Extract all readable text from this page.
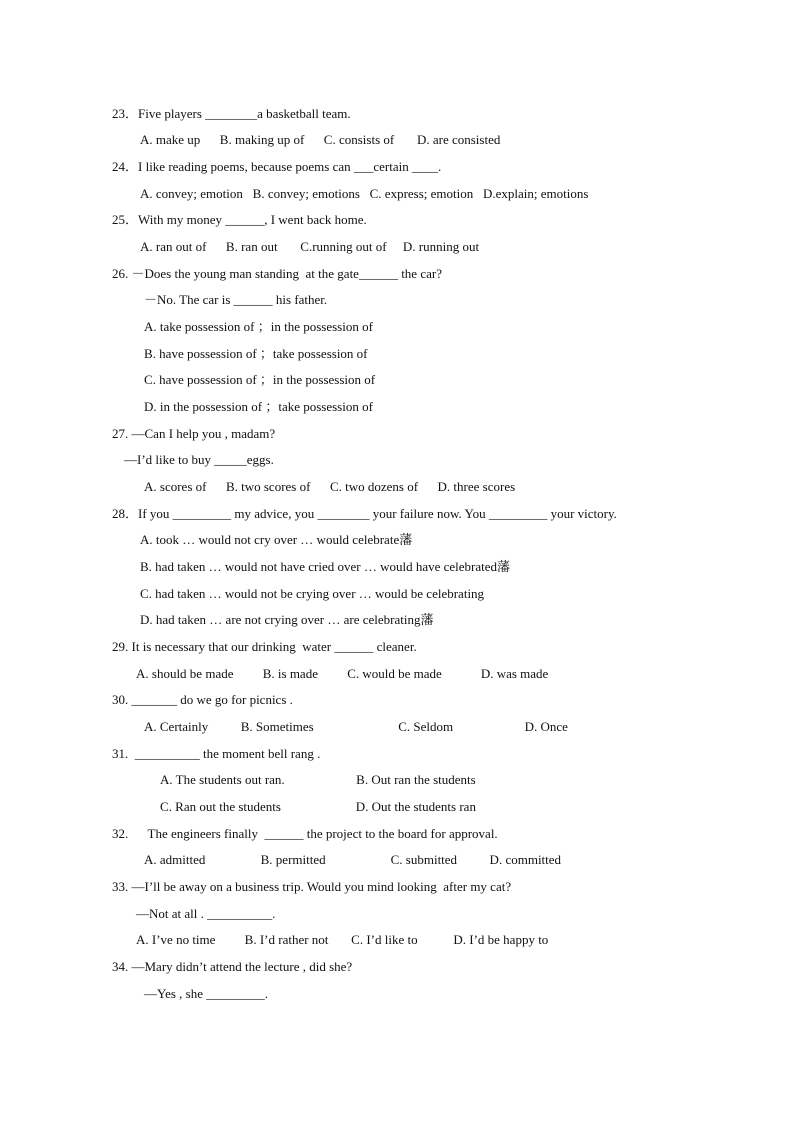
23．Five players ________a basketball team.
A. make up      B. making up of      C. consists of       D. are consisted
24．I like reading poems, because poems can ___certain ____.
A. convey; emotion   B. convey; emotions   C. express; emotion   D.explain; emotions
25．With my money ______, I went back home.
A. ran out of      B. ran out       C.running out of     D. running out
26. －Does the young man standing  at the gate______ the car?
－No. The car is ______ his father.
A. take possession of ；in the possession of
B. have possession of ；take possession of
C. have possession of ；in the possession of
D. in the possession of ；take possession of
27. —Can I help you , madam?
—I’d like to buy _____eggs.
A. scores of      B. two scores of      C. two dozens of      D. three scores
28．If you _________ my advice, you ________ your failure now. You _________ your victory.
A. took … would not cry over … would celebrate藩
B. had taken … would not have cried over … would have celebrated藩
C. had taken … would not be crying over … would be celebrating
D. had taken … are not crying over … are celebrating藩
29. It is necessary that our drinking  water ______ cleaner.
A. should be made         B. is made         C. would be made            D. was made
30. _______ do we go for picnics .
A. Certainly          B. Sometimes                          C. Seldom                      D. Once
31.  __________ the moment bell rang .
A. The students out ran.                      B. Out ran the students
C. Ran out the students                       D. Out the students ran
32.      The engineers finally  ______ the project to the board for approval.
A. admitted                 B. permitted                    C. submitted          D. committed
33. —I’ll be away on a business trip. Would you mind looking  after my cat?
—Not at all . __________.
A. I’ve no time         B. I’d rather not       C. I’d like to           D. I’d be happy to
34. —Mary didn’t attend the lecture , did she?
—Yes , she _________.
